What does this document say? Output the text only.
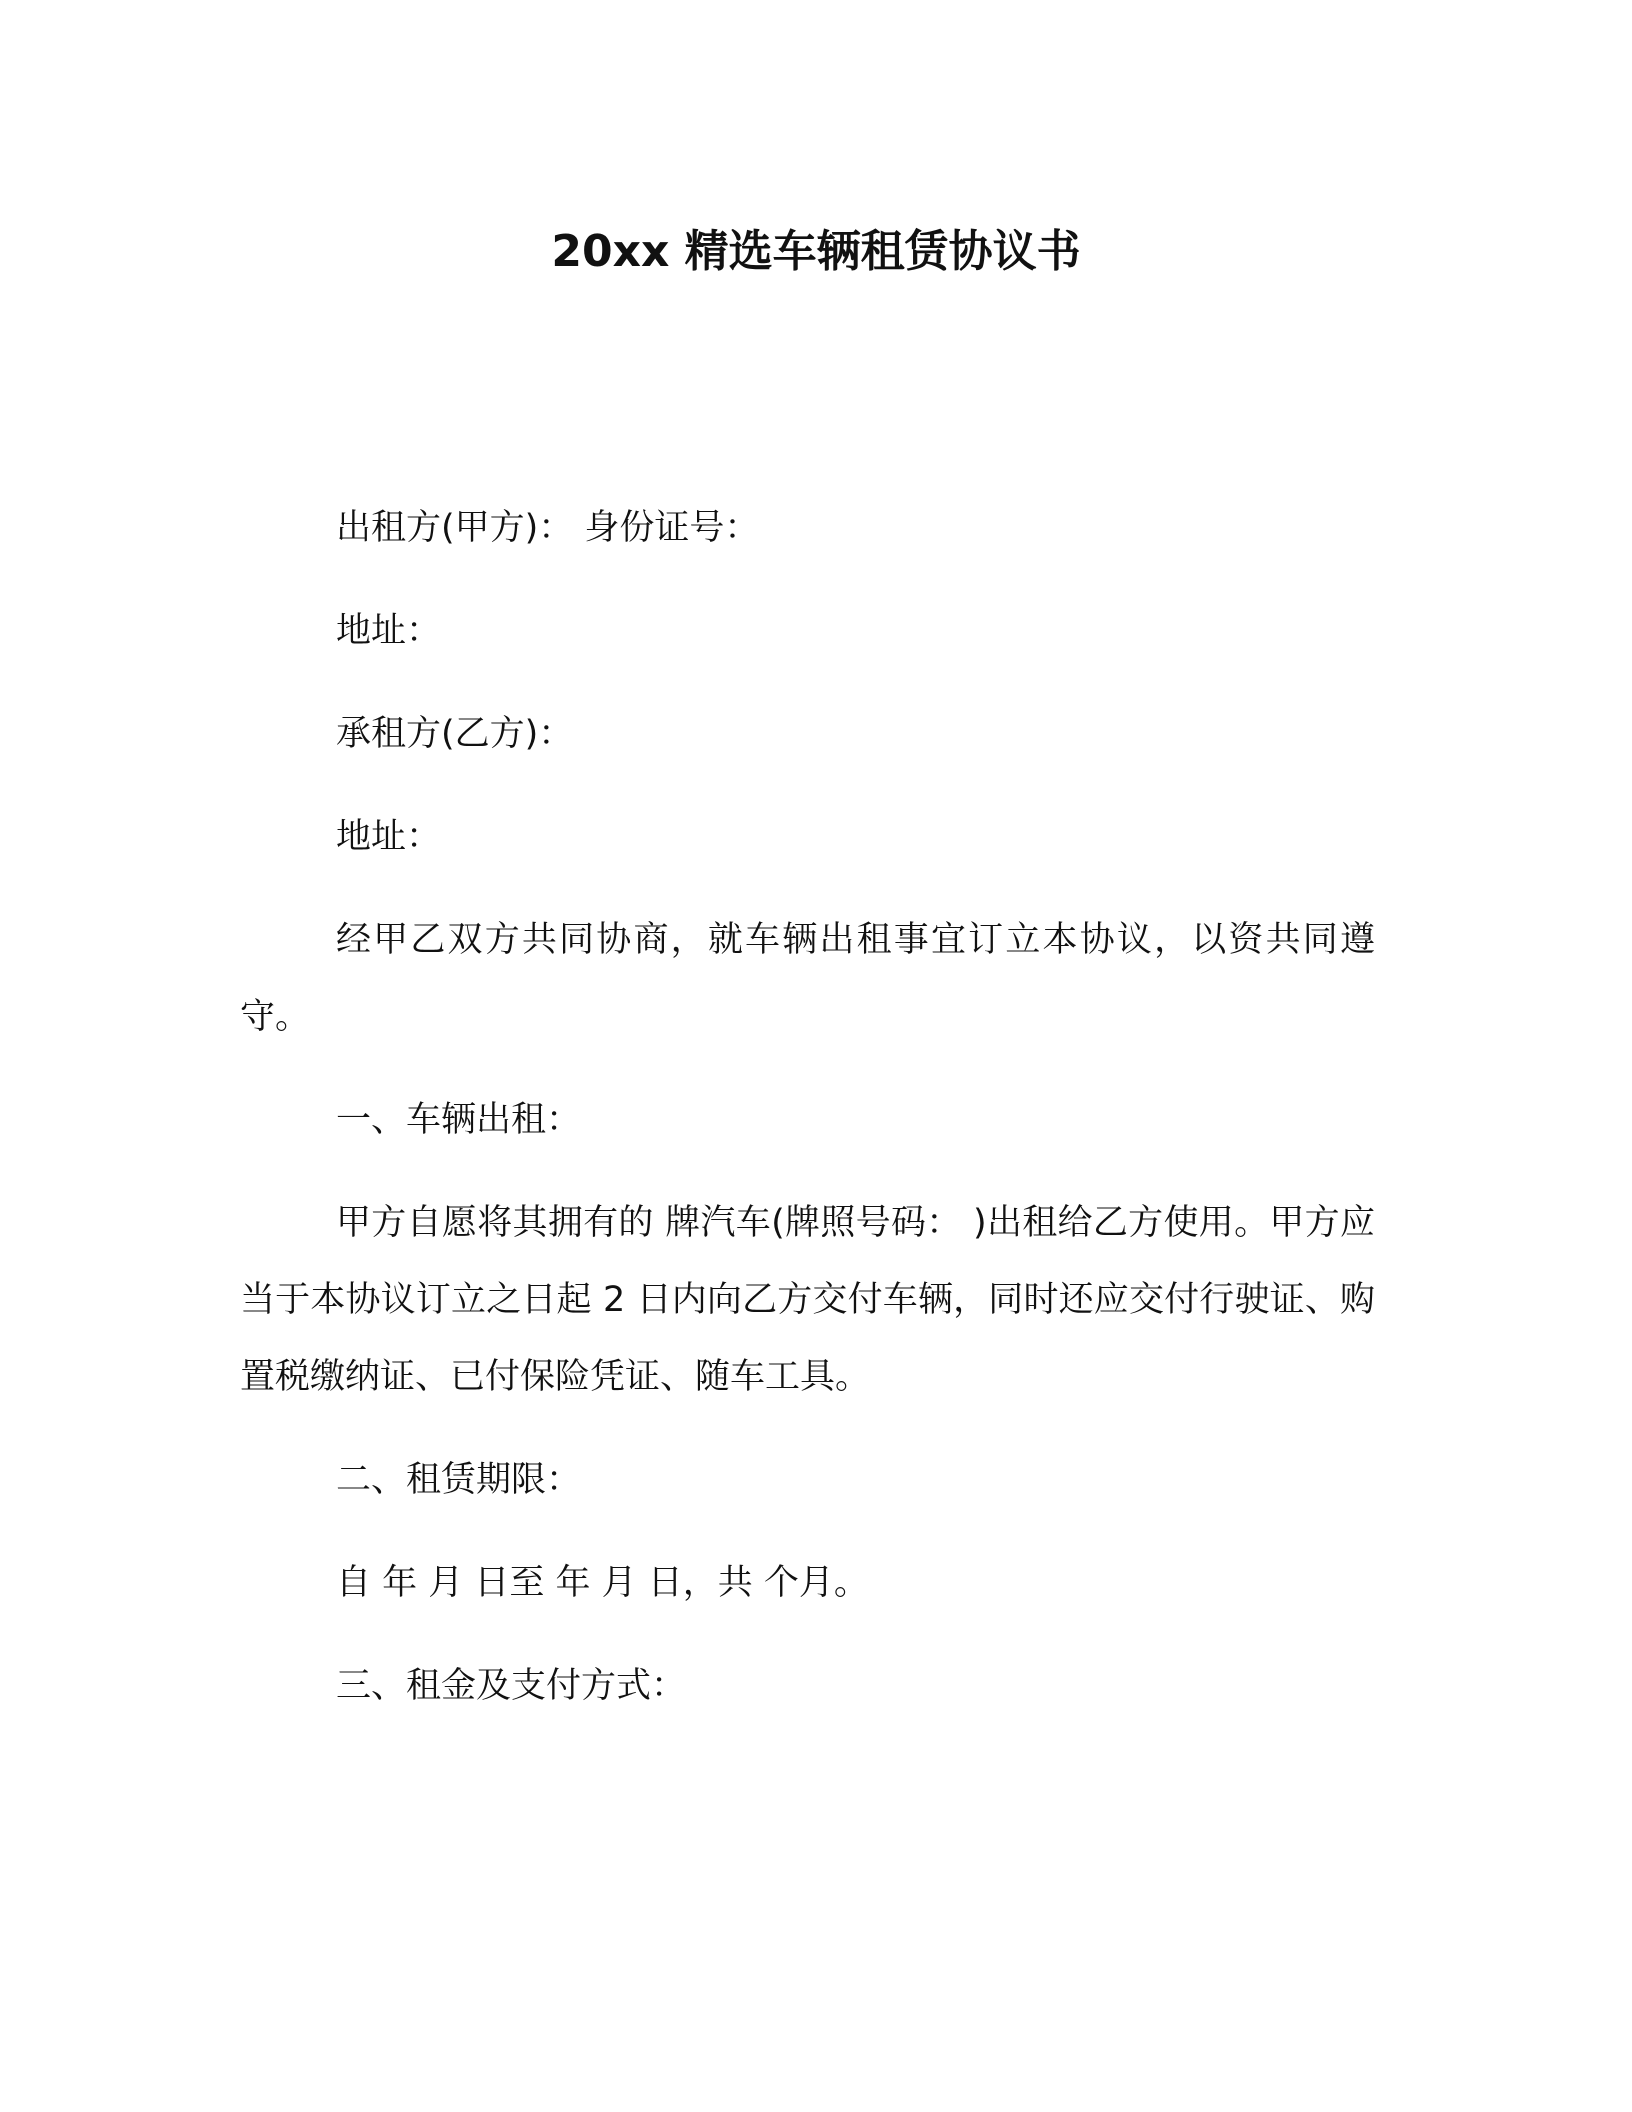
20xx 精选车辆租赁协议书

出租方(甲方)： 身份证号：

地址：

承租方(乙方)：

地址：

经甲乙双方共同协商，就车辆出租事宜订立本协议，以资共同遵守。

一、车辆出租：

甲方自愿将其拥有的 牌汽车(牌照号码： )出租给乙方使用。甲方应当于本协议订立之日起 2 日内向乙方交付车辆，同时还应交付行驶证、购置税缴纳证、已付保险凭证、随车工具。

二、租赁期限：

自 年 月 日至 年 月 日，共 个月。

三、租金及支付方式：
